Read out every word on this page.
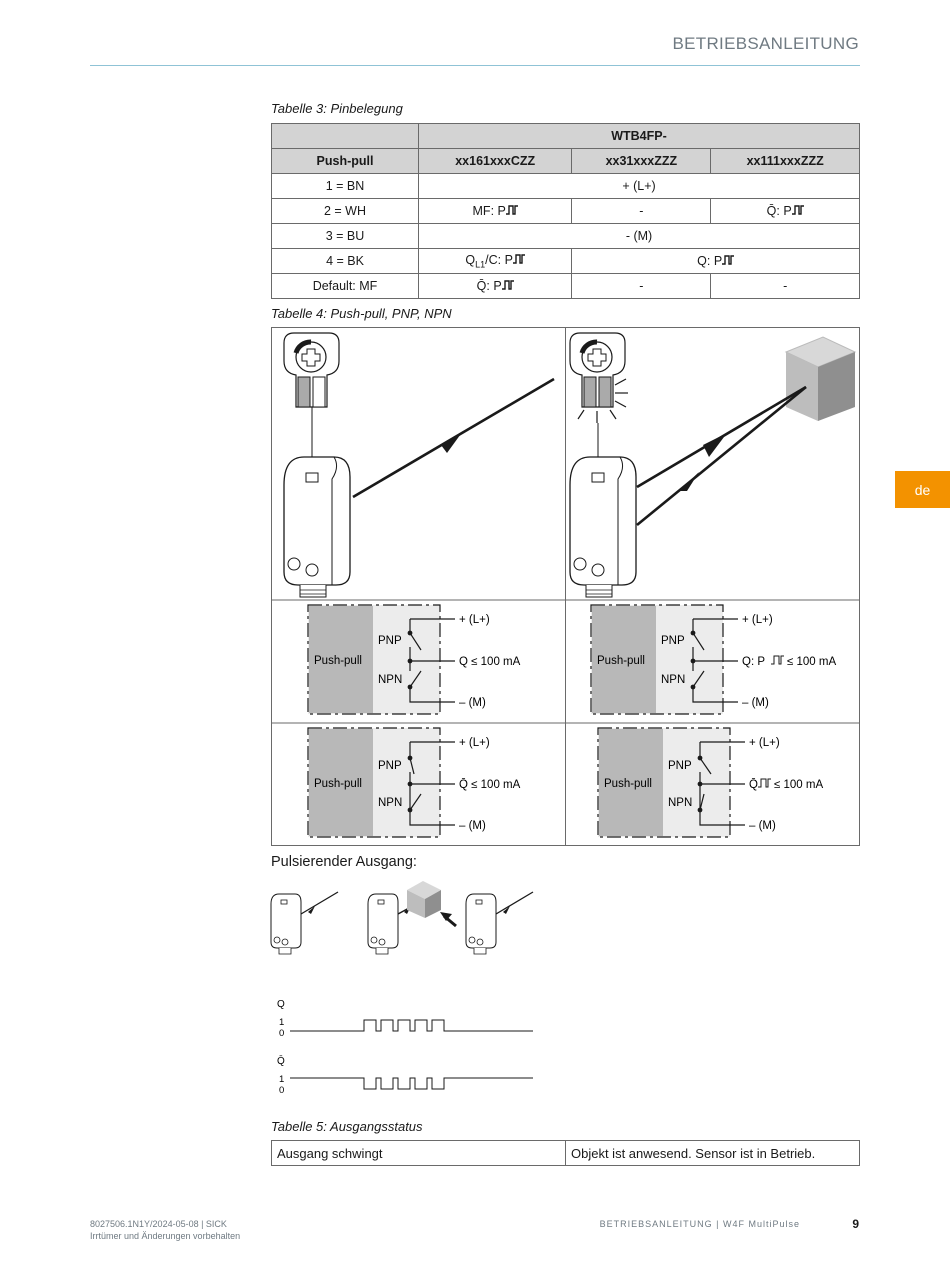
BETRIEBSANLEITUNG
de
Tabelle 3: Pinbelegung
	WTB4FP-		
Push-pull	xx161xxxCZZ	xx31xxxZZZ	xx111xxxZZZ
1 = BN	+ (L+)		
2 = WH	MF: P	-	Q̄: P
3 = BU	- (M)		
4 = BK	$Q_{L1}/C$: P	Q: P	
Default: MF	Q̄: P	-	-
Tabelle 4: Push-pull, PNP, NPN
Push-pull
PNP
NPN
+ (L+)
Q ≤ 100 mA
– (M)
Push-pull
PNP
NPN
+ (L+)
Q: P ≤ 100 mA
– (M)
Push-pull
PNP
NPN
+ (L+)
Q̄ ≤ 100 mA
– (M)
Push-pull
PNP
NPN
+ (L+)
Q̄ ≤ 100 mA
– (M)
Pulsierender Ausgang:
Q
1
0
Q̄
1
0
Tabelle 5: Ausgangsstatus
Ausgang schwingt	Objekt ist anwesend. Sensor ist in Betrieb.
8027506.1N1Y/2024-05-08 | SICK
Irrtümer und Änderungen vorbehalten
BETRIEBSANLEITUNG | W4F MultiPulse	9
